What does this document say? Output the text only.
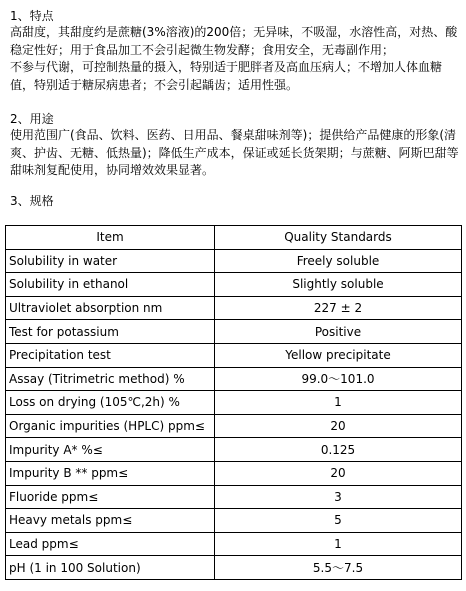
1、特点

高甜度，其甜度约是蔗糖(3%溶液)的200倍；无异味，不吸湿，水溶性高，对热、酸稳定性好；用于食品加工不会引起微生物发酵；食用安全，无毒副作用；

不参与代谢，可控制热量的摄入，特别适于肥胖者及高血压病人；不增加人体血糖值，特别适于糖尿病患者；不会引起龋齿；适用性强。

2、用途

使用范围广(食品、饮料、医药、日用品、餐桌甜味剂等)；提供给产品健康的形象(清爽、护齿、无糖、低热量)；降低生产成本，保证或延长货架期；与蔗糖、阿斯巴甜等甜味剂复配使用，协同增效效果显著。

3、规格

Item	Quality Standards
Solubility in water	Freely soluble
Solubility in ethanol	Slightly soluble
Ultraviolet absorption nm	227 ± 2
Test for potassium	Positive
Precipitation test	Yellow precipitate
Assay (Titrimetric method) %	99.0～101.0
Loss on drying (105℃,2h) %	1
Organic impurities (HPLC) ppm≤	20
Impurity A* %≤	0.125
Impurity B ** ppm≤	20
Fluoride ppm≤	3
Heavy metals ppm≤	5
Lead ppm≤	1
pH (1 in 100 Solution)	5.5～7.5
